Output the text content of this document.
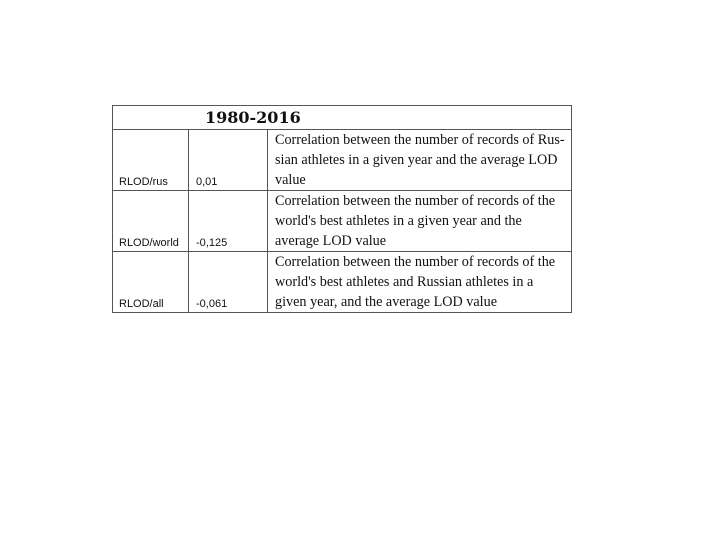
1980-2016		
RLOD/rus	0,01	Correlation between the number of records of Rus-sian athletes in a given year and the average LOD value
RLOD/world	-0,125	Correlation between the number of records of the world's best athletes in a given year and the average LOD value
RLOD/all	-0,061	Correlation between the number of records of the world's best athletes and Russian athletes in a given year, and the average LOD value
